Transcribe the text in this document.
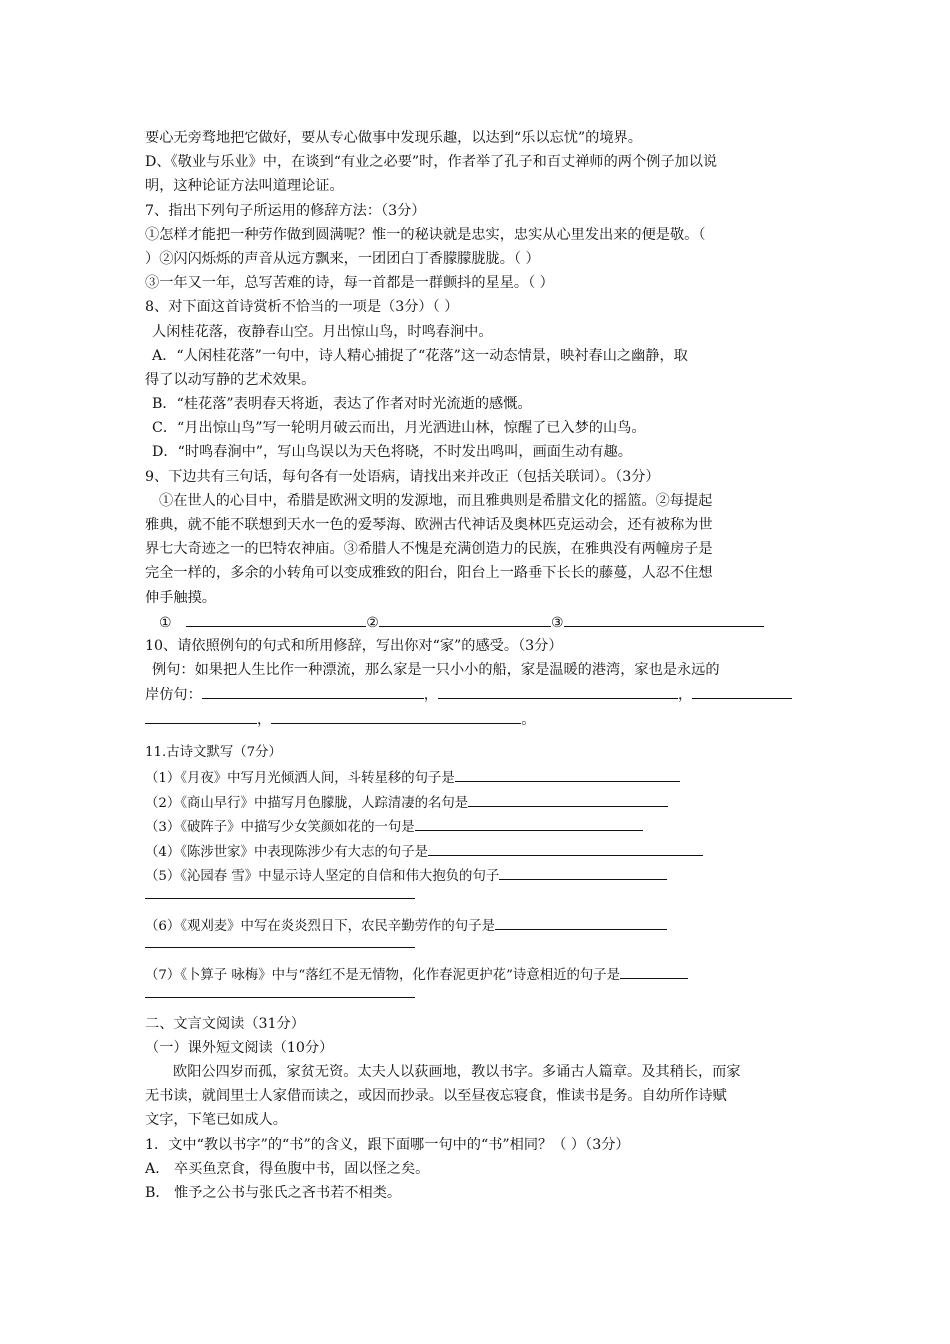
要心无旁骛地把它做好，要从专心做事中发现乐趣，以达到“乐以忘忧”的境界。
D、《敬业与乐业》中，在谈到“有业之必要”时，作者举了孔子和百丈禅师的两个例子加以说
明，这种论证方法叫道理论证。
7、指出下列句子所运用的修辞方法：（3分）
①怎样才能把一种劳作做到圆满呢？惟一的秘诀就是忠实，忠实从心里发出来的便是敬。（
）②闪闪烁烁的声音从远方飘来，一团团白丁香朦朦胧胧。（ ）
③一年又一年，总写苦难的诗，每一首都是一群颤抖的星星。（ ）
8、对下面这首诗赏析不恰当的一项是（3分）（ ）
人闲桂花落，夜静春山空。月出惊山鸟，时鸣春涧中。
A．“人闲桂花落”一句中，诗人精心捕捉了“花落”这一动态情景，映衬春山之幽静，取
得了以动写静的艺术效果。
B．“桂花落”表明春天将逝，表达了作者对时光流逝的感慨。
C．“月出惊山鸟”写一轮明月破云而出，月光洒进山林，惊醒了已入梦的山鸟。
D．“时鸣春涧中”，写山鸟误以为天色将晓，不时发出鸣叫，画面生动有趣。
9、下边共有三句话，每句各有一处语病，请找出来并改正（包括关联词）。（3分）
①在世人的心目中，希腊是欧洲文明的发源地，而且雅典则是希腊文化的摇篮。②每提起
雅典，就不能不联想到天水一色的爱琴海、欧洲古代神话及奥林匹克运动会，还有被称为世
界七大奇迹之一的巴特农神庙。③希腊人不愧是充满创造力的民族，在雅典没有两幢房子是
完全一样的，多余的小转角可以变成雅致的阳台，阳台上一路垂下长长的藤蔓，人忍不住想
伸手触摸。
①	②	③
10、请依照例句的句式和所用修辞，写出你对“家”的感受。（3分）
例句：如果把人生比作一种漂流，那么家是一只小小的船，家是温暖的港湾，家也是永远的
岸仿句：	，	，
，	。
11.古诗文默写（7分）
（1）《月夜》中写月光倾洒人间，斗转星移的句子是
（2）《商山早行》中描写月色朦胧，人踪清凄的名句是
（3）《破阵子》中描写少女笑颜如花的一句是
（4）《陈涉世家》中表现陈涉少有大志的句子是
（5）《沁园春 雪》中显示诗人坚定的自信和伟大抱负的句子
（6）《观刈麦》中写在炎炎烈日下，农民辛勤劳作的句子是
（7）《卜算子 咏梅》中与“落红不是无情物，化作春泥更护花”诗意相近的句子是
二、文言文阅读（31分）
（一）课外短文阅读（10分）
欧阳公四岁而孤，家贫无资。太夫人以荻画地，教以书字。多诵古人篇章。及其稍长，而家
无书读，就闾里士人家借而读之，或因而抄录。以至昼夜忘寝食，惟读书是务。自幼所作诗赋
文字，下笔已如成人。
1．文中“教以书字”的“书”的含义，跟下面哪一句中的“书”相同？（ ）（3分）
A． 卒买鱼烹食，得鱼腹中书，固以怪之矣。
B． 惟予之公书与张氏之吝书若不相类。
